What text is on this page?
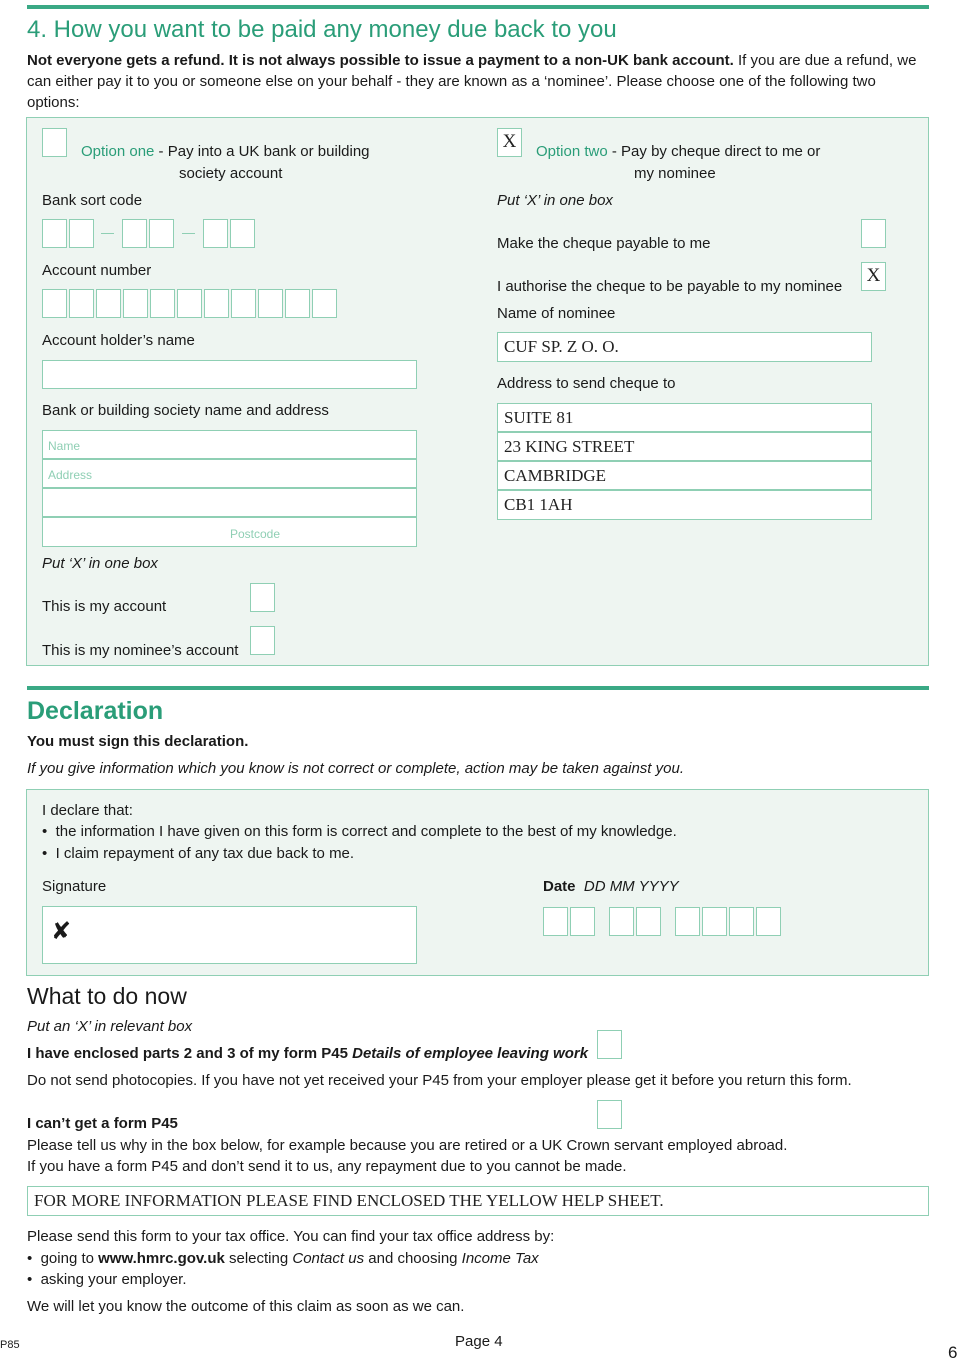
4. How you want to be paid any money due back to you
Not everyone gets a refund. It is not always possible to issue a payment to a non-UK bank account. If you are due a refund, we can either pay it to you or someone else on your behalf - they are known as a ‘nominee’. Please choose one of the following two options:
Option one - Pay into a UK bank or building
society account
Bank sort code
Account number
Account holder’s name
Bank or building society name and address
Name
Address
Postcode
Put ‘X’ in one box
This is my account
This is my nominee’s account
X	Option two - Pay by cheque direct to me or
my nominee
Put ‘X’ in one box
Make the cheque payable to me
I authorise the cheque to be payable to my nominee
X
Name of nominee
CUF SP. Z O. O.
Address to send cheque to
SUITE 81
23 KING STREET
CAMBRIDGE
CB1 1AH
Declaration
You must sign this declaration.
If you give information which you know is not correct or complete, action may be taken against you.
I declare that:
•  the information I have given on this form is correct and complete to the best of my knowledge.
•  I claim repayment of any tax due back to me.
Signature
✘
Date DD MM YYYY
What to do now
Put an ‘X’ in relevant box
I have enclosed parts 2 and 3 of my form P45 Details of employee leaving work
Do not send photocopies. If you have not yet received your P45 from your employer please get it before you return this form.
I can’t get a form P45
Please tell us why in the box below, for example because you are retired or a UK Crown servant employed abroad.
If you have a form P45 and don’t send it to us, any repayment due to you cannot be made.
FOR MORE INFORMATION PLEASE FIND ENCLOSED THE YELLOW HELP SHEET.
Please send this form to your tax office. You can find your tax office address by:
•  going to www.hmrc.gov.uk selecting Contact us and choosing Income Tax
•  asking your employer.
We will let you know the outcome of this claim as soon as we can.
P85	Page 4
6
